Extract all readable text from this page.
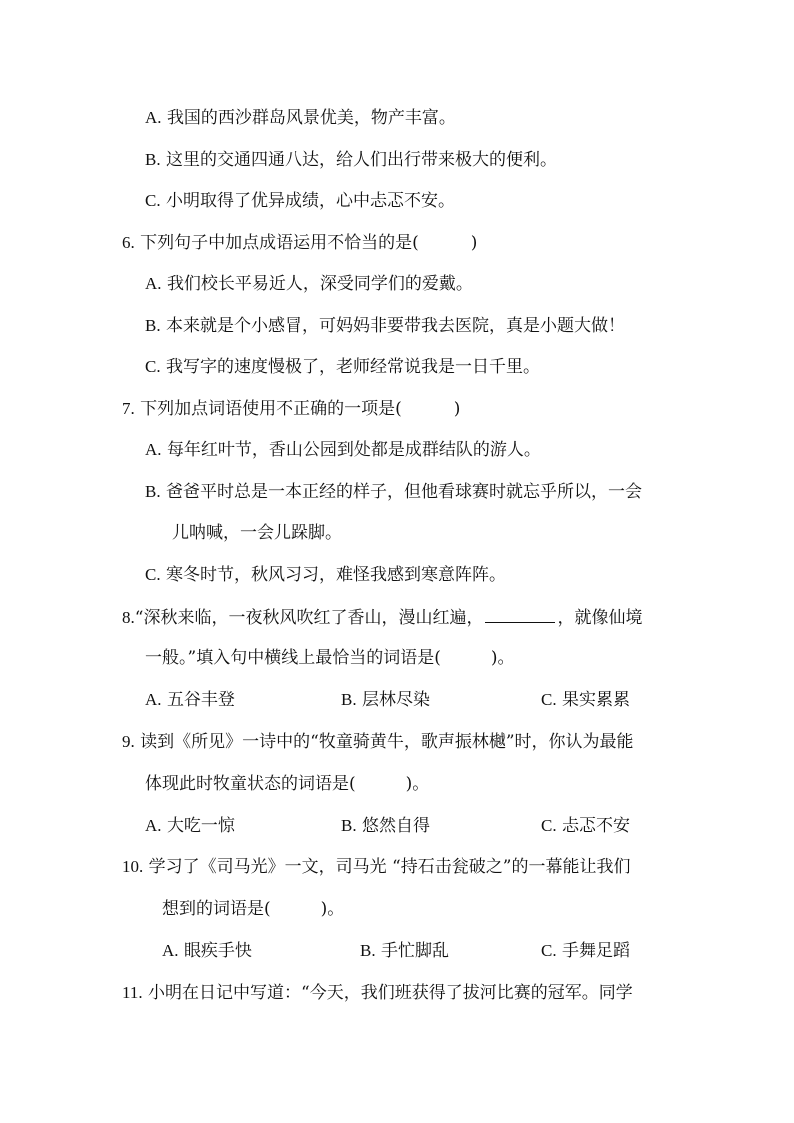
A. 我国的西沙群岛风景优美，物产丰富。
B. 这里的交通四通八达，给人们出行带来极大的便利。
C. 小明取得了优异成绩，心中忐忑不安。
6. 下列句子中加点成语运用不恰当的是(	)
A. 我们校长平易近人，深受同学们的爱戴。
B. 本来就是个小感冒，可妈妈非要带我去医院，真是小题大做！
C. 我写字的速度慢极了，老师经常说我是一日千里。
7. 下列加点词语使用不正确的一项是(	)
A. 每年红叶节，香山公园到处都是成群结队的游人。
B. 爸爸平时总是一本正经的样子，但他看球赛时就忘乎所以，一会
儿呐喊，一会儿跺脚。
C. 寒冬时节，秋风习习，难怪我感到寒意阵阵。
8.“深秋来临，一夜秋风吹红了香山，漫山红遍，	，就像仙境
一般。”填入句中横线上最恰当的词语是(	)。
A. 五谷丰登	B. 层林尽染	C. 果实累累
9. 读到《所见》一诗中的“牧童骑黄牛，歌声振林樾”时，你认为最能
体现此时牧童状态的词语是(	)。
A. 大吃一惊	B. 悠然自得	C. 忐忑不安
10. 学习了《司马光》一文，司马光 “持石击瓮破之”的一幕能让我们
想到的词语是(	)。
A. 眼疾手快	B. 手忙脚乱	C. 手舞足蹈
11. 小明在日记中写道：“今天，我们班获得了拔河比赛的冠军。同学
